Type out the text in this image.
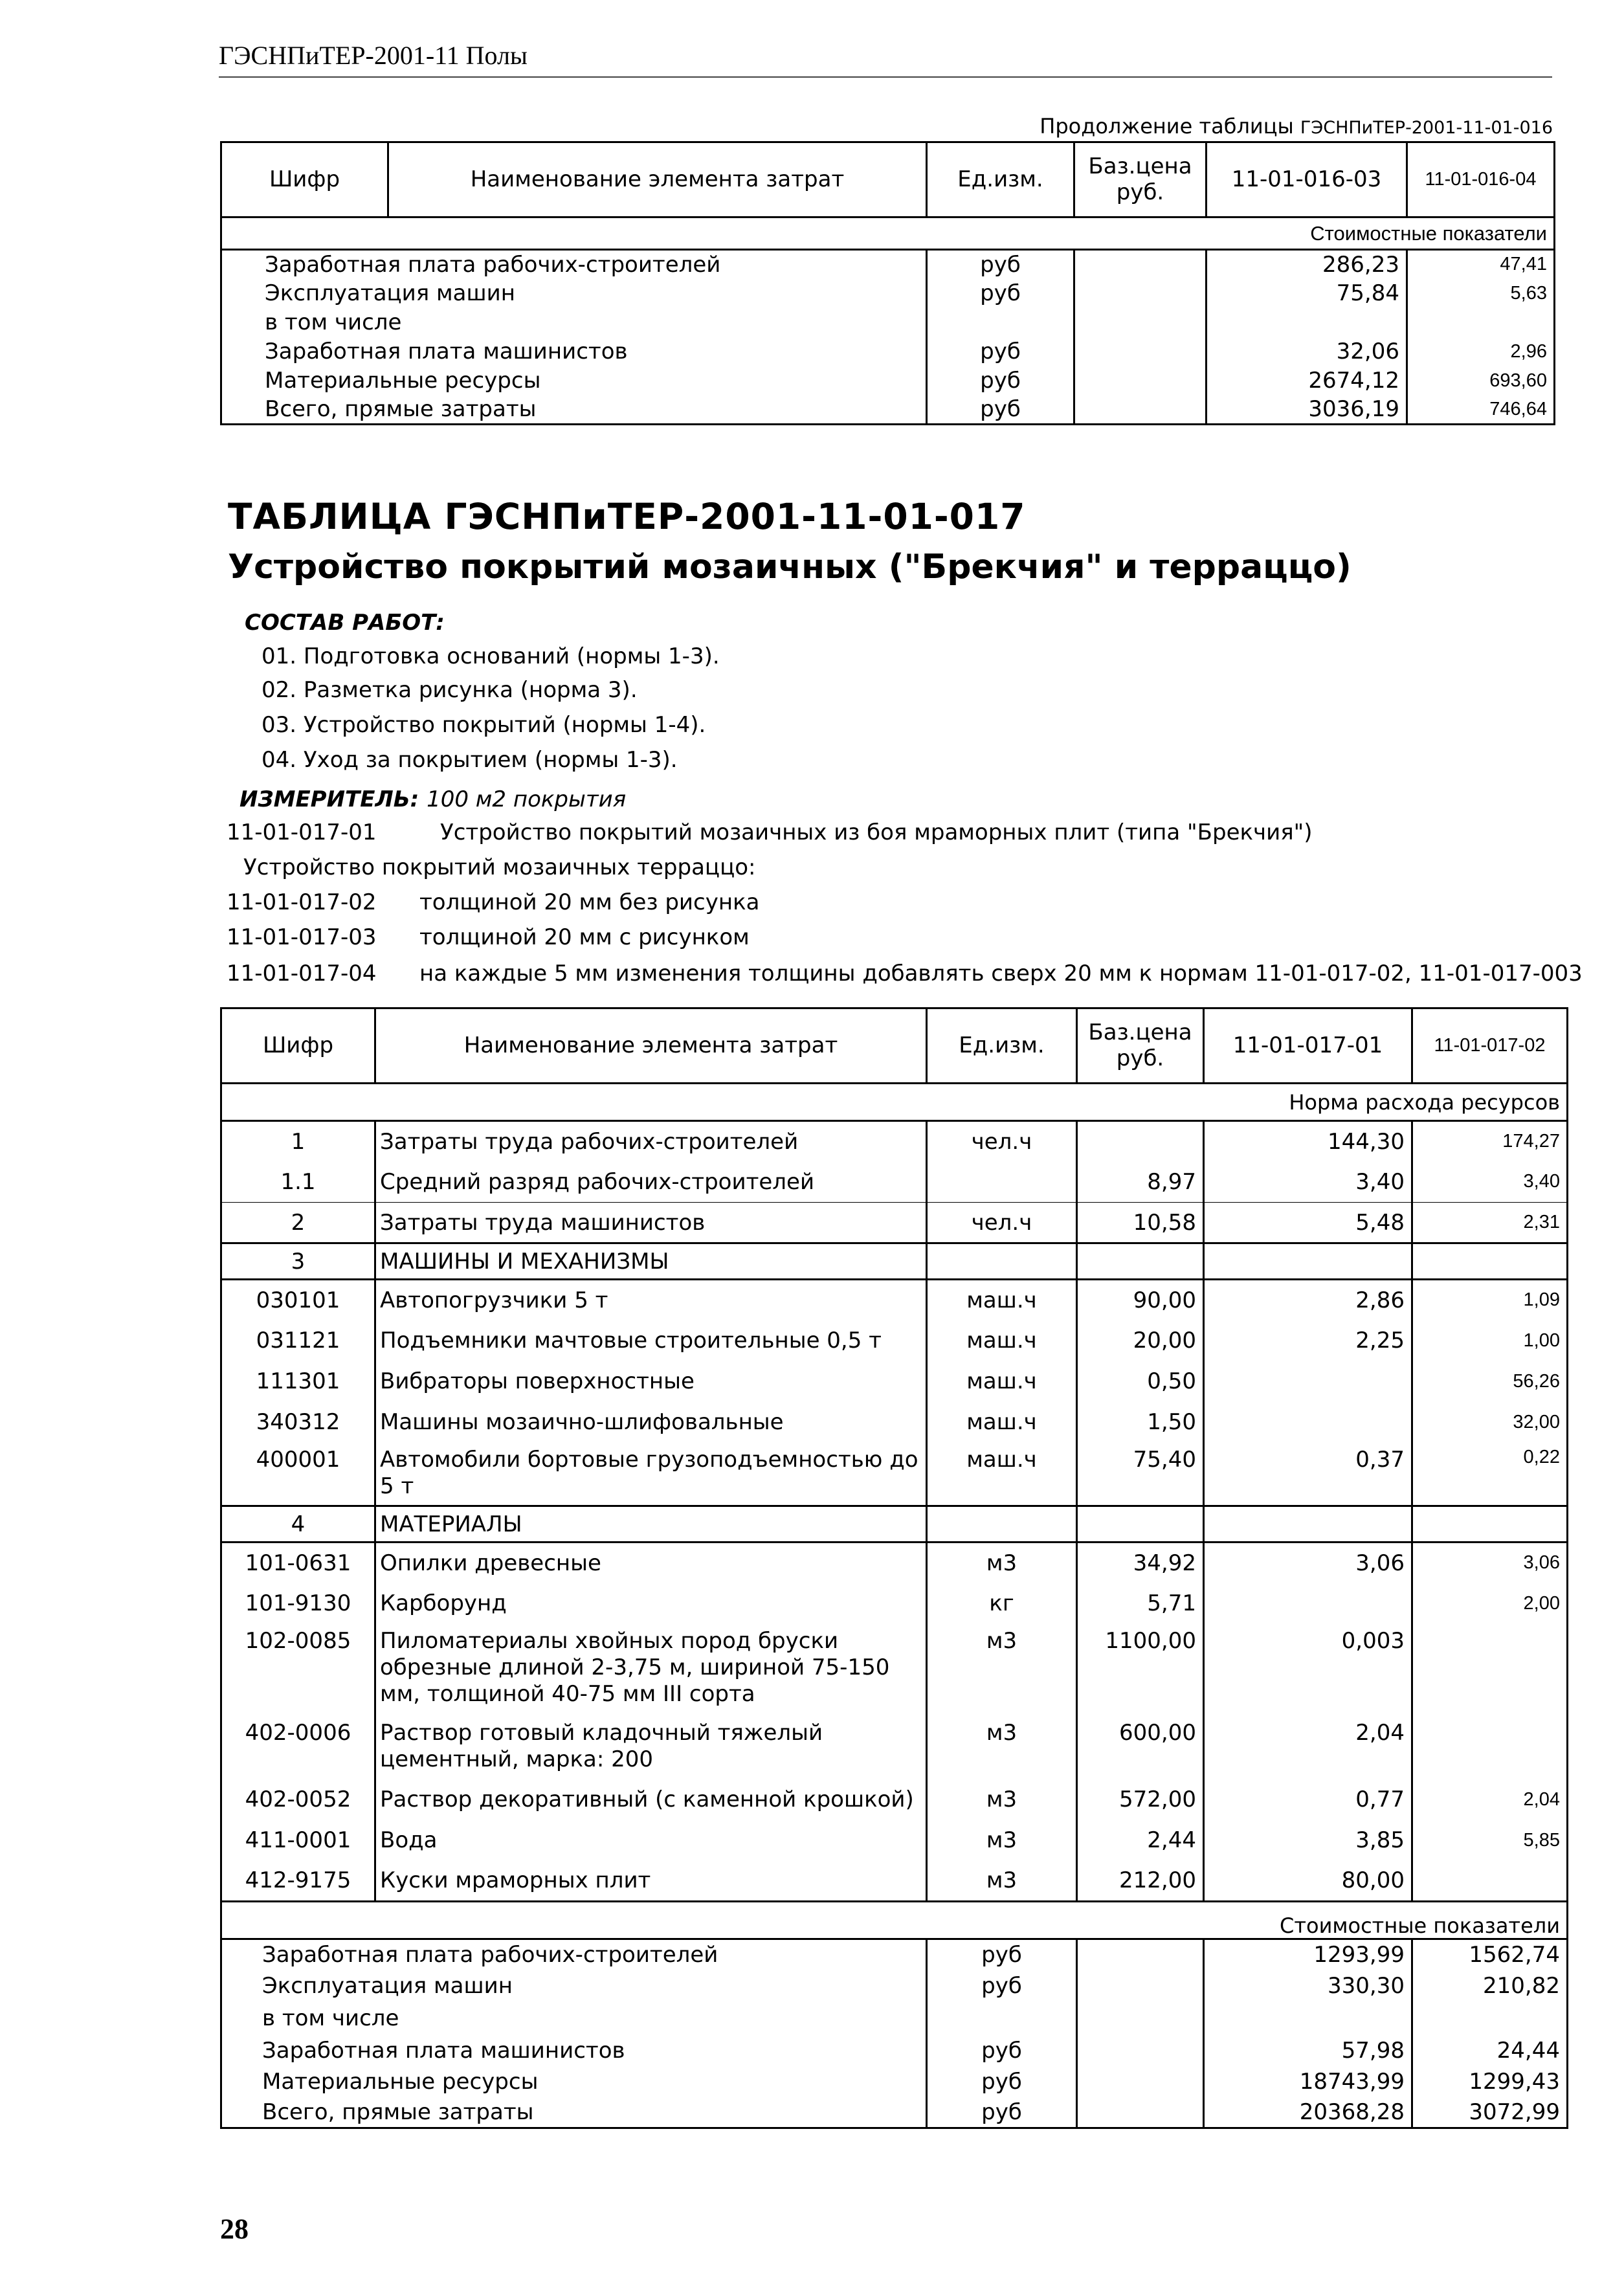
ГЭСНПиТЕР-2001-11 Полы
Продолжение таблицы ГЭСНПиТЕР-2001-11-01-016
Шифр	Наименование элемента затрат	Ед.изм.	Баз.цена
руб.	11-01-016-03	11-01-016-04
Стоимостные показатели					
Заработная плата рабочих-строителей		руб		286,23	47,41
Эксплуатация машин		руб		75,84	5,63
в том числе					
Заработная плата машинистов		руб		32,06	2,96
Материальные ресурсы		руб		2674,12	693,60
Всего, прямые затраты		руб		3036,19	746,64
ТАБЛИЦА ГЭСНПиТЕР-2001-11-01-017
Устройство покрытий мозаичных ("Брекчия" и терраццо)
СОСТАВ РАБОТ:
01. Подготовка оснований (нормы 1-3).
02. Разметка рисунка (норма 3).
03. Устройство покрытий (нормы 1-4).
04. Уход за покрытием (нормы 1-3).
ИЗМЕРИТЕЛЬ: 100 м2 покрытия
11-01-017-01	Устройство покрытий мозаичных из боя мраморных плит (типа "Брекчия")
Устройство покрытий мозаичных терраццо:
11-01-017-02 толщиной 20 мм без рисунка
11-01-017-03 толщиной 20 мм с рисунком
11-01-017-04 на каждые 5 мм изменения толщины добавлять сверх 20 мм к нормам 11-01-017-02, 11-01-017-003
Шифр	Наименование элемента затрат	Ед.изм.	Баз.цена
руб.	11-01-017-01	11-01-017-02
Норма расхода ресурсов					
1	Затраты труда рабочих-строителей	чел.ч		144,30	174,27
1.1	Средний разряд рабочих-строителей		8,97	3,40	3,40
2	Затраты труда машинистов	чел.ч	10,58	5,48	2,31
3	МАШИНЫ И МЕХАНИЗМЫ				
030101	Автопогрузчики 5 т	маш.ч	90,00	2,86	1,09
031121	Подъемники мачтовые строительные 0,5 т	маш.ч	20,00	2,25	1,00
111301	Вибраторы поверхностные	маш.ч	0,50		56,26
340312	Машины мозаично-шлифовальные	маш.ч	1,50		32,00
400001	Автомобили бортовые грузоподъемностью до 5 т	маш.ч	75,40	0,37	0,22
4	МАТЕРИАЛЫ				
101-0631	Опилки древесные	м3	34,92	3,06	3,06
101-9130	Карборунд	кг	5,71		2,00
102-0085	Пиломатериалы хвойных пород бруски обрезные длиной 2-3,75 м, шириной 75-150 мм, толщиной 40-75 мм III сорта	м3	1100,00	0,003	
402-0006	Раствор готовый кладочный тяжелый цементный, марка: 200	м3	600,00	2,04	
402-0052	Раствор декоративный (с каменной крошкой)	м3	572,00	0,77	2,04
411-0001	Вода	м3	2,44	3,85	5,85
412-9175	Куски мраморных плит	м3	212,00	80,00	
Стоимостные показатели					
Заработная плата рабочих-строителей		руб		1293,99	1562,74
Эксплуатация машин		руб		330,30	210,82
в том числе					
Заработная плата машинистов		руб		57,98	24,44
Материальные ресурсы		руб		18743,99	1299,43
Всего, прямые затраты		руб		20368,28	3072,99
28
